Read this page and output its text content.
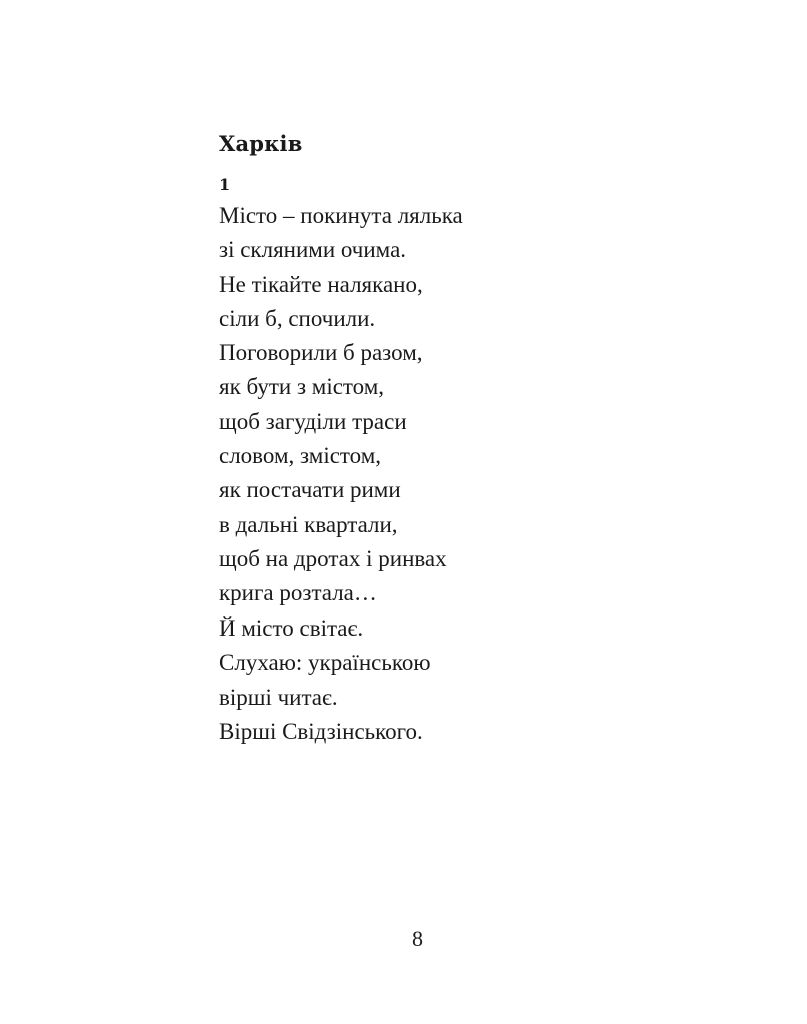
Харків
1
Місто – покинута лялька
зі скляними очима.
Не тікайте налякано,
сіли б, спочили.
Поговорили б разом,
як бути з містом,
щоб загуділи траси
словом, змістом,
як постачати рими
в дальні квартали,
щоб на дротах і ринвах
крига розтала…
Й місто світає.
Слухаю: українською
вірші читає.
Вірші Свідзінського.
8
